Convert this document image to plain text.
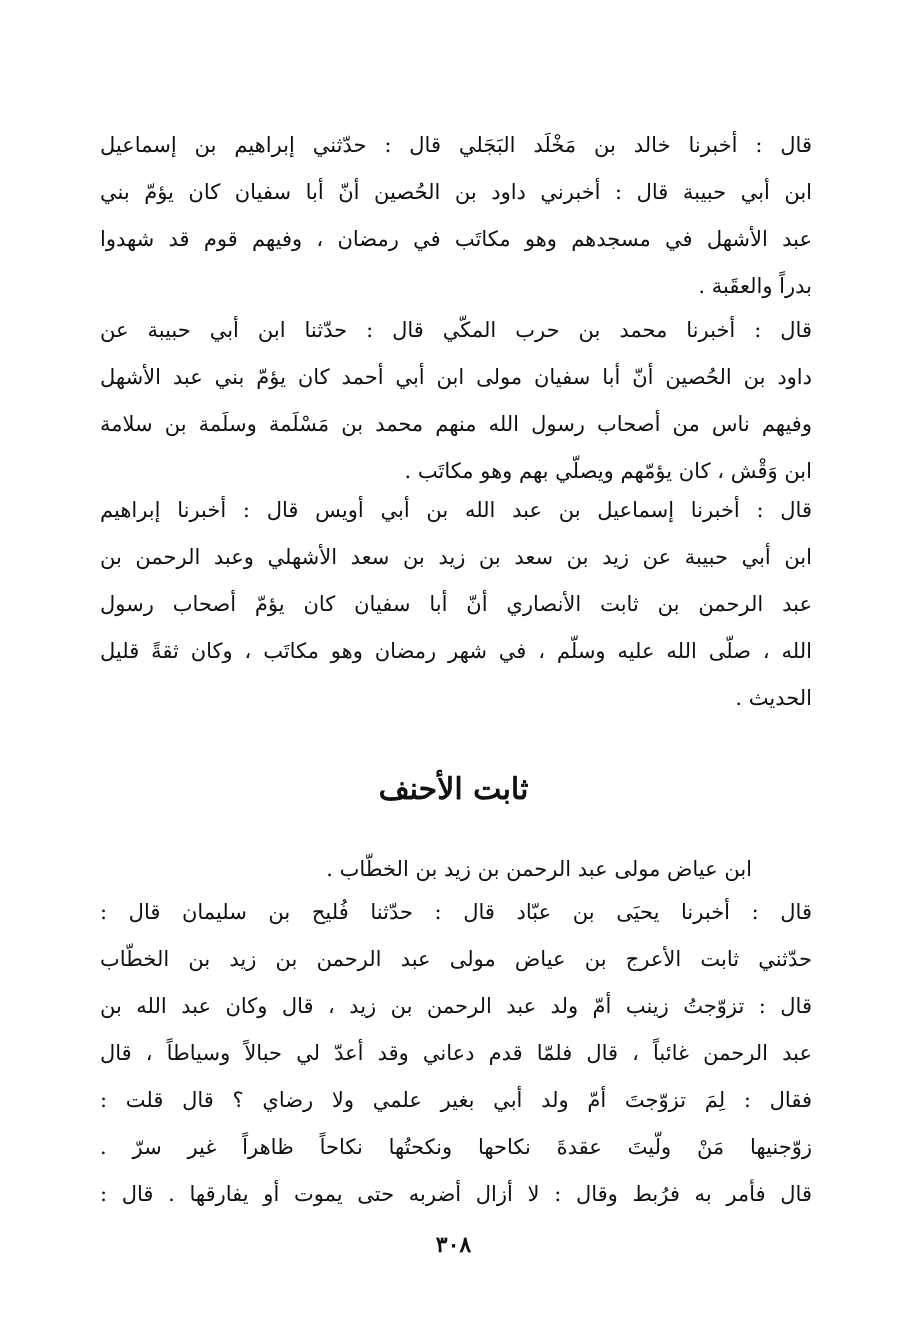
قال : أخبرنا خالد بن مَخْلَد البَجَلي قال : حدّثني إبراهيم بن إسماعيل
ابن أبي حبيبة قال : أخبرني داود بن الحُصين أنّ أبا سفيان كان يؤمّ بني
عبد الأشهل في مسجدهم وهو مكاتَب في رمضان ، وفيهم قوم قد شهدوا
بدراً والعقَبة .
قال : أخبرنا محمد بن حرب المكّي قال : حدّثنا ابن أبي حبيبة عن
داود بن الحُصين أنّ أبا سفيان مولى ابن أبي أحمد كان يؤمّ بني عبد الأشهل
وفيهم ناس من أصحاب رسول الله منهم محمد بن مَسْلَمة وسلَمة بن سلامة
ابن وَقْش ، كان يؤمّهم ويصلّي بهم وهو مكاتَب .
قال : أخبرنا إسماعيل بن عبد الله بن أبي أويس قال : أخبرنا إبراهيم
ابن أبي حبيبة عن زيد بن سعد بن زيد بن سعد الأشهلي وعبد الرحمن بن
عبد الرحمن بن ثابت الأنصاري أنّ أبا سفيان كان يؤمّ أصحاب رسول
الله ، صلّى الله عليه وسلّم ، في شهر رمضان وهو مكاتَب ، وكان ثقةً قليل
الحديث .
ثابت الأحنف
ابن عياض مولى عبد الرحمن بن زيد بن الخطّاب .
قال : أخبرنا يحيَى بن عبّاد قال : حدّثنا فُليح بن سليمان قال :
حدّثني ثابت الأعرج بن عياض مولى عبد الرحمن بن زيد بن الخطّاب
قال : تزوّجتُ زينب أمّ ولد عبد الرحمن بن زيد ، قال وكان عبد الله بن
عبد الرحمن غائباً ، قال فلمّا قدم دعاني وقد أعدّ لي حبالاً وسياطاً ، قال
فقال : لِمَ تزوّجتَ أمّ ولد أبي بغير علمي ولا رضاي ؟ قال قلت :
زوّجنيها مَنْ ولّيتَ عقدةَ نكاحها ونكحتُها نكاحاً ظاهراً غير سرّ .
قال فأمر به فرُبط وقال : لا أزال أضربه حتى يموت أو يفارقها . قال :
٣٠٨
